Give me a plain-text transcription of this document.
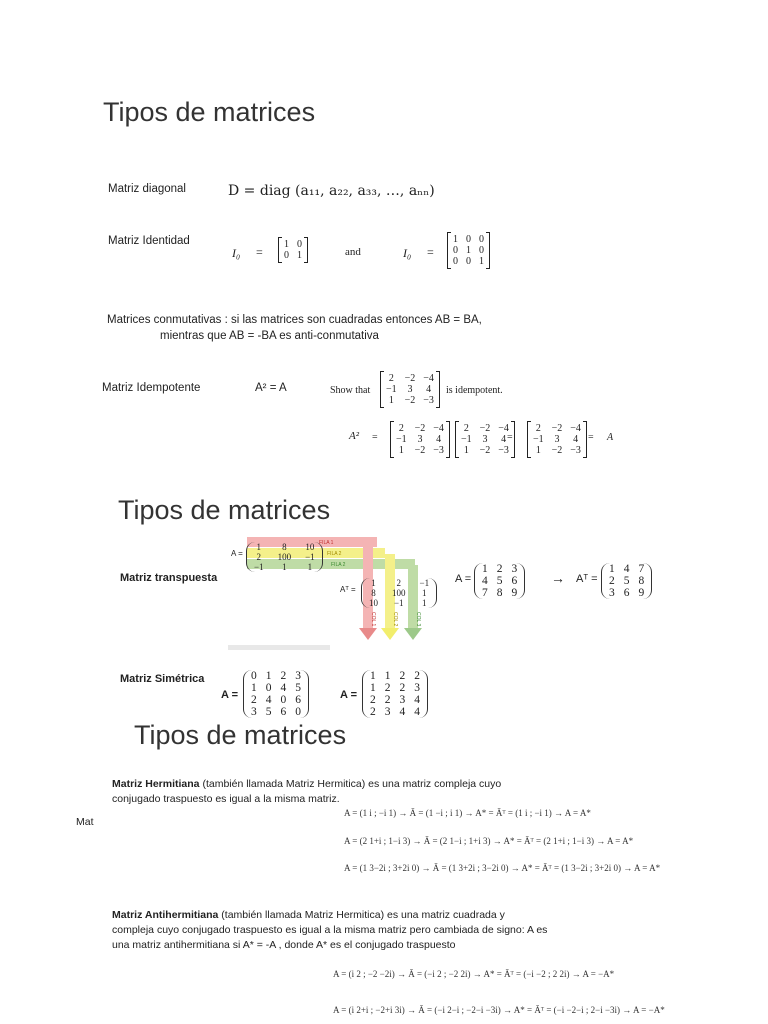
Tipos de matrices
Matriz diagonal	D = diag (a₁₁, a₂₂, a₃₃, …, aₙₙ)
Matriz Identidad
I₀ =
1 0
0 1	and	I₀ =
1 0 0
0 1 0
0 0 1
Matrices conmutativas : si las matrices son cuadradas entonces AB = BA,
mientras que AB = -BA es anti-conmutativa
Matriz Idempotente	A² = A	Show that
2 −2 −4
−1 3 4
1 −2 −3
is idempotent.
A² =
2 −2 −4
−1 3 4
1 −2 −3
2 −2 −4
−1 3 4
1 −2 −3
=
2 −2 −4
−1 3 4
1 −2 −3
= A
Tipos de matrices
FILA 1
FILA 2
FILA 2
COL 1	COL 2	COL 3
A =
1	8	10
2 100 −1
−1	1	1
Matriz transpuesta
Aᵀ =
1	2	−1
8 100 1
10 −1 1
A =
1 2 3
4 5 6
7 8 9
→ Aᵀ =
1 4 7
2 5 8
3 6 9
Matriz Simétrica
A =
0 1 2 3
1 0 4 5
2 4 0 6
3 5 6 0
A =
1 1 2 2
1 2 2 3
2 2 3 4
2 3 4 4
Tipos de matrices
Matriz Hermitiana (también llamada Matriz Hermitica) es una matriz compleja cuyo
conjugado traspuesto es igual a la misma matriz.
Mat
A = (1 i ; −i 1) → Ā = (1 −i ; i 1) → A* = Āᵀ = (1 i ; −i 1) → A = A*
A = (2 1+i ; 1−i 3) → Ā = (2 1−i ; 1+i 3) → A* = Āᵀ = (2 1+i ; 1−i 3) → A = A*
A = (1 3−2i ; 3+2i 0) → Ā = (1 3+2i ; 3−2i 0) → A* = Āᵀ = (1 3−2i ; 3+2i 0) → A = A*
Matriz Antihermitiana (también llamada Matriz Hermitica) es una matriz cuadrada y
compleja cuyo conjugado traspuesto es igual a la misma matriz pero cambiada de signo: A es
una matriz antihermitiana si A* = -A , donde A* es el conjugado traspuesto
A = (i 2 ; −2 −2i) → Ā = (−i 2 ; −2 2i) → A* = Āᵀ = (−i −2 ; 2 2i) → A = −A*
A = (i 2+i ; −2+i 3i) → Ā = (−i 2−i ; −2−i −3i) → A* = Āᵀ = (−i −2−i ; 2−i −3i) → A = −A*
